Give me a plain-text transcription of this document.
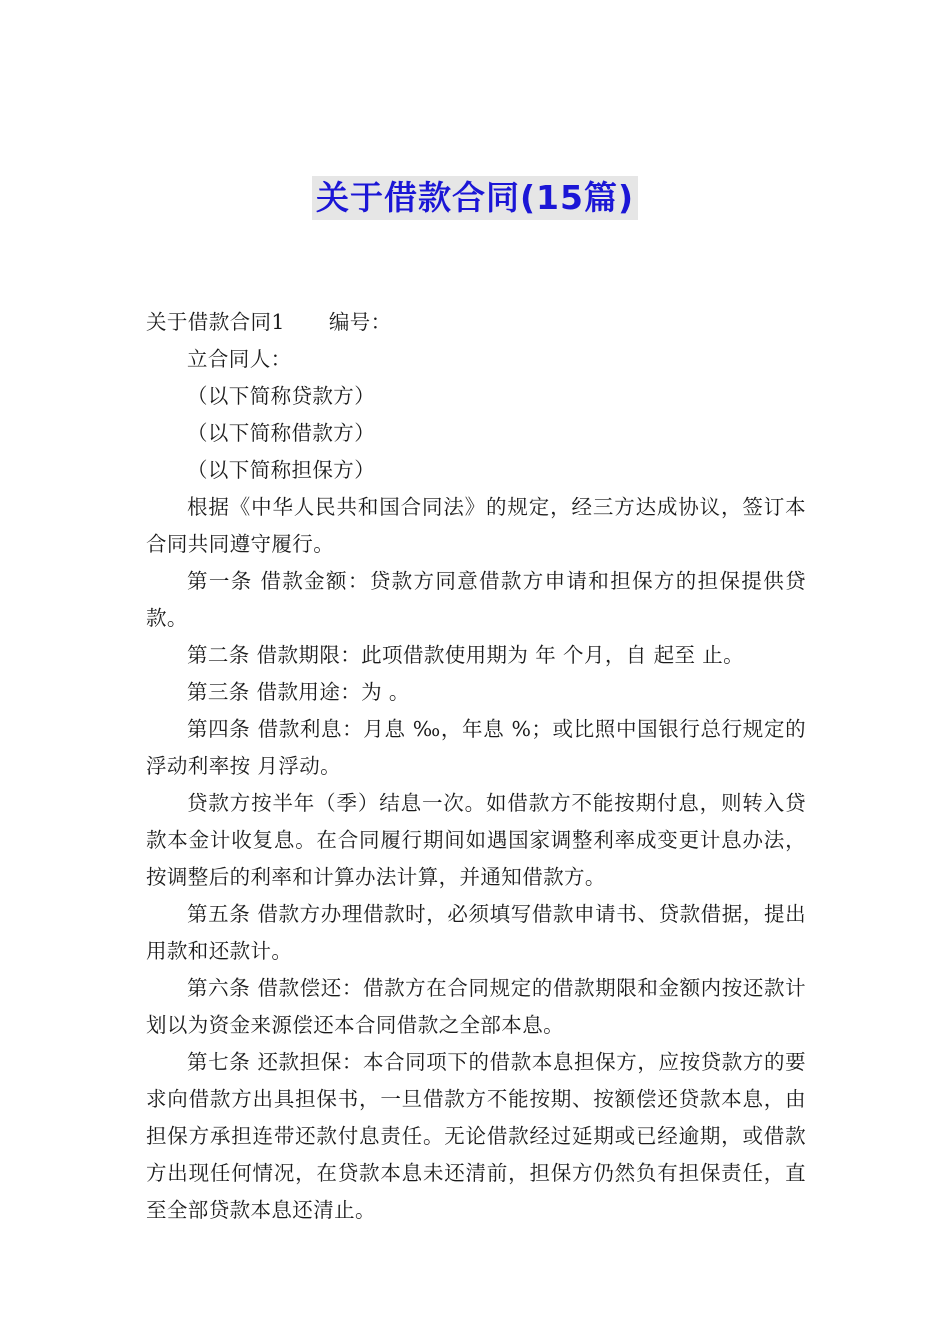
关于借款合同(15篇)

关于借款合同1 编号：

立合同人：

（以下简称贷款方）

（以下简称借款方）

（以下简称担保方）

根据《中华人民共和国合同法》的规定，经三方达成协议，签订本合同共同遵守履行。

第一条 借款金额：贷款方同意借款方申请和担保方的担保提供贷款。

第二条 借款期限：此项借款使用期为 年 个月，自 起至 止。

第三条 借款用途：为 。

第四条 借款利息：月息 ‰，年息 %；或比照中国银行总行规定的浮动利率按 月浮动。

贷款方按半年（季）结息一次。如借款方不能按期付息，则转入贷款本金计收复息。在合同履行期间如遇国家调整利率成变更计息办法，按调整后的利率和计算办法计算，并通知借款方。

第五条 借款方办理借款时，必须填写借款申请书、贷款借据，提出用款和还款计。

第六条 借款偿还：借款方在合同规定的借款期限和金额内按还款计划以为资金来源偿还本合同借款之全部本息。

第七条 还款担保：本合同项下的借款本息担保方，应按贷款方的要求向借款方出具担保书，一旦借款方不能按期、按额偿还贷款本息，由担保方承担连带还款付息责任。无论借款经过延期或已经逾期，或借款方出现任何情况，在贷款本息未还清前，担保方仍然负有担保责任，直至全部贷款本息还清止。
